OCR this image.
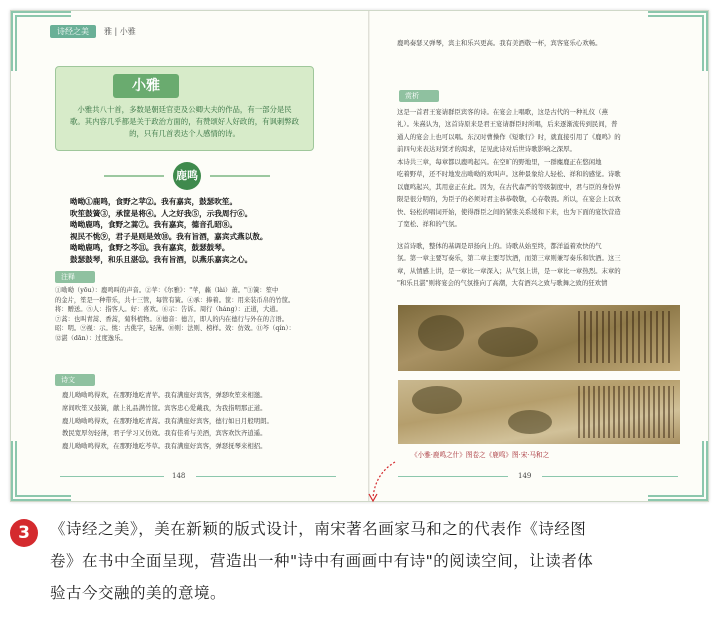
诗经之美 雅 | 小雅
小雅
小雅共八十首，多数是朝廷官吏及公卿大夫的作品，有一部分是民
歌。其内容几乎都是关于政治方面的，有赞颂好人好政的，有讽刺弊政
的，只有几首表达个人感情的诗。
鹿鸣
呦呦①鹿鸣，食野之苹②。我有嘉宾，鼓瑟吹笙。
吹笙鼓簧③，承筐是将④。人之好我⑤，示我周行⑥。
呦呦鹿鸣，食野之蒿⑦。我有嘉宾，德音孔昭⑧。
视民不恌⑨，君子是则是效⑩。我有旨酒，嘉宾式燕以敖。
呦呦鹿鸣，食野之芩⑪。我有嘉宾，鼓瑟鼓琴。
鼓瑟鼓琴，和乐且湛⑫。我有旨酒，以燕乐嘉宾之心。
注释
①呦呦（yōu）：鹿鸣叫的声音。②苹：《尔雅》："苹，藾（lài）萧。"③簧：笙中
的金片，笙是一种带乐，共十三管，每管有簧。④承：捧着。筐：用来装币帛的竹筐。
将：赠送。⑤人：指客人。好：喜欢。⑥示：告诉。周行（háng）：正道，大道。
⑦蒿：也叫青蒿、香蒿，菊科植物。⑧德音：德言，即人的内在德行与外在的言语。
昭：明。⑨视：示。恌：古佻字，轻薄。⑩则：法则、榜样。效：仿效。⑪芩（qín）：
⑫湛（dān）：过度逸乐。
诗文
鹿儿呦呦鸣得欢，在那野地吃青苹。我有满座好宾客，弹瑟吹笙来相邀。
席间吹笙又鼓簧，献上礼品满竹筐。宾客忠心爱戴我，为我指明那正道。
鹿儿呦呦鸣得欢，在那野地吃青蒿。我有满座好宾客，德行如日月般明朗。
教民宽厚勿轻薄，君子学习又仿效。我有佳肴与美酒，宾客欢饮齐逍遥。
鹿儿呦呦鸣得欢，在那野地吃芩草。我有满座好宾客，弹瑟抚琴来相招。
148
鹿鸣奏瑟又弹琴，宾主和乐兴更高。我有美酒敬一杯，宾客宴乐心欢畅。
赏析
这是一首君王宴请群臣宾客的诗。在宴会上唱歌，这是古代的一种礼仪（燕
礼）。朱熹认为，这首诗原来是君王宴请群臣时所唱，后来逐渐流传到民间，普
通人的宴会上也可以唱。东汉时曹操作《短歌行》时，就直接引用了《鹿鸣》的
前四句来表达对贤才的渴求，足见此诗对后世诗歌影响之深厚。
本诗共三章，每章都以鹿鸣起兴。在空旷的野地里，一群麋鹿正在悠闲地
吃着野草，还不时地发出呦呦的欢叫声。这种景象给人轻松、祥和的感觉。诗歌
以鹿鸣起兴，其用意正在此。因为，在古代森严的等级制度中，君与臣的身份界
限是很分明的，为臣子的必须对君主恭恭敬敬，心存敬畏。所以，在宴会上以欢
快、轻松的唱词开始，使得群臣之间的紧张关系缓和下来，也为下面的宴饮营造
了宽松、祥和的气氛。
这首诗歌，整体的基调是昂扬向上的。诗歌从始至终，都洋溢着欢快的气
氛。第一章主要写奏乐，第二章主要写饮酒，而第三章则兼写奏乐和饮酒。这三
章，从情感上讲，是一章比一章深入；从气氛上讲，是一章比一章热烈。末章的
"和乐且湛"则将宴会的气氛推向了高潮，大有酒兴之致与歌舞之致的狂欢情
《小雅·鹿鸣之什》图卷之《鹿鸣》图·宋·马和之
149
3	《诗经之美》，美在新颖的版式设计，南宋著名画家马和之的代表作《诗经图
卷》在书中全面呈现，营造出一种"诗中有画画中有诗"的阅读空间，让读者体
验古今交融的美的意境。
